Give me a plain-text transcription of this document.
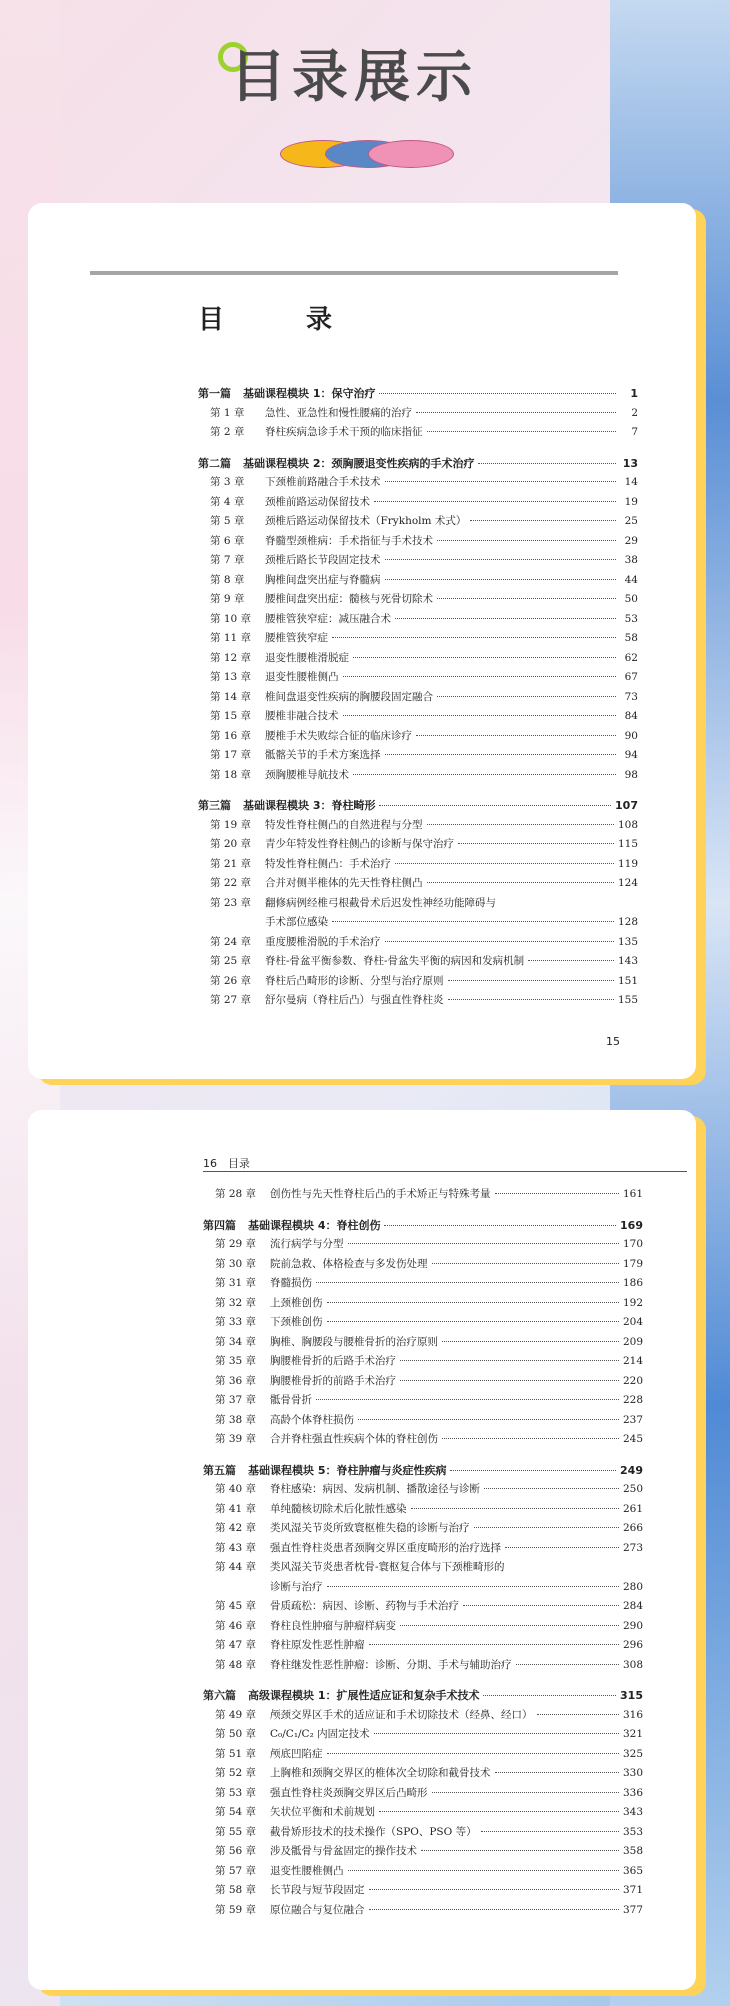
目录展示
目　录
第一篇 基础课程模块 1：保守治疗	1
第 1 章	急性、亚急性和慢性腰痛的治疗	2
第 2 章	脊柱疾病急诊手术干预的临床指征	7
第二篇 基础课程模块 2：颈胸腰退变性疾病的手术治疗	13
第 3 章	下颈椎前路融合手术技术	14
第 4 章	颈椎前路运动保留技术	19
第 5 章	颈椎后路运动保留技术（Frykholm 术式）	25
第 6 章	脊髓型颈椎病：手术指征与手术技术	29
第 7 章	颈椎后路长节段固定技术	38
第 8 章	胸椎间盘突出症与脊髓病	44
第 9 章	腰椎间盘突出症：髓核与死骨切除术	50
第 10 章	腰椎管狭窄症：减压融合术	53
第 11 章	腰椎管狭窄症	58
第 12 章	退变性腰椎滑脱症	62
第 13 章	退变性腰椎侧凸	67
第 14 章	椎间盘退变性疾病的胸腰段固定融合	73
第 15 章	腰椎非融合技术	84
第 16 章	腰椎手术失败综合征的临床诊疗	90
第 17 章	骶髂关节的手术方案选择	94
第 18 章	颈胸腰椎导航技术	98
第三篇 基础课程模块 3：脊柱畸形	107
第 19 章	特发性脊柱侧凸的自然进程与分型	108
第 20 章	青少年特发性脊柱侧凸的诊断与保守治疗	115
第 21 章	特发性脊柱侧凸：手术治疗	119
第 22 章	合并对侧半椎体的先天性脊柱侧凸	124
第 23 章	翻修病例经椎弓根截骨术后迟发性神经功能障碍与
手术部位感染	128
第 24 章	重度腰椎滑脱的手术治疗	135
第 25 章	脊柱-骨盆平衡参数、脊柱-骨盆失平衡的病因和发病机制	143
第 26 章	脊柱后凸畸形的诊断、分型与治疗原则	151
第 27 章	舒尔曼病（脊柱后凸）与强直性脊柱炎	155
15
16　目录
第 28 章	创伤性与先天性脊柱后凸的手术矫正与特殊考量	161
第四篇 基础课程模块 4：脊柱创伤	169
第 29 章	流行病学与分型	170
第 30 章	院前急救、体格检查与多发伤处理	179
第 31 章	脊髓损伤	186
第 32 章	上颈椎创伤	192
第 33 章	下颈椎创伤	204
第 34 章	胸椎、胸腰段与腰椎骨折的治疗原则	209
第 35 章	胸腰椎骨折的后路手术治疗	214
第 36 章	胸腰椎骨折的前路手术治疗	220
第 37 章	骶骨骨折	228
第 38 章	高龄个体脊柱损伤	237
第 39 章	合并脊柱强直性疾病个体的脊柱创伤	245
第五篇 基础课程模块 5：脊柱肿瘤与炎症性疾病	249
第 40 章	脊柱感染：病因、发病机制、播散途径与诊断	250
第 41 章	单纯髓核切除术后化脓性感染	261
第 42 章	类风湿关节炎所致寰枢椎失稳的诊断与治疗	266
第 43 章	强直性脊柱炎患者颈胸交界区重度畸形的治疗选择	273
第 44 章	类风湿关节炎患者枕骨-寰枢复合体与下颈椎畸形的
诊断与治疗	280
第 45 章	骨质疏松：病因、诊断、药物与手术治疗	284
第 46 章	脊柱良性肿瘤与肿瘤样病变	290
第 47 章	脊柱原发性恶性肿瘤	296
第 48 章	脊柱继发性恶性肿瘤：诊断、分期、手术与辅助治疗	308
第六篇 高级课程模块 1：扩展性适应证和复杂手术技术	315
第 49 章	颅颈交界区手术的适应证和手术切除技术（经鼻、经口）	316
第 50 章	C₀/C₁/C₂ 内固定技术	321
第 51 章	颅底凹陷症	325
第 52 章	上胸椎和颈胸交界区的椎体次全切除和截骨技术	330
第 53 章	强直性脊柱炎颈胸交界区后凸畸形	336
第 54 章	矢状位平衡和术前规划	343
第 55 章	截骨矫形技术的技术操作（SPO、PSO 等）	353
第 56 章	涉及骶骨与骨盆固定的操作技术	358
第 57 章	退变性腰椎侧凸	365
第 58 章	长节段与短节段固定	371
第 59 章	原位融合与复位融合	377
